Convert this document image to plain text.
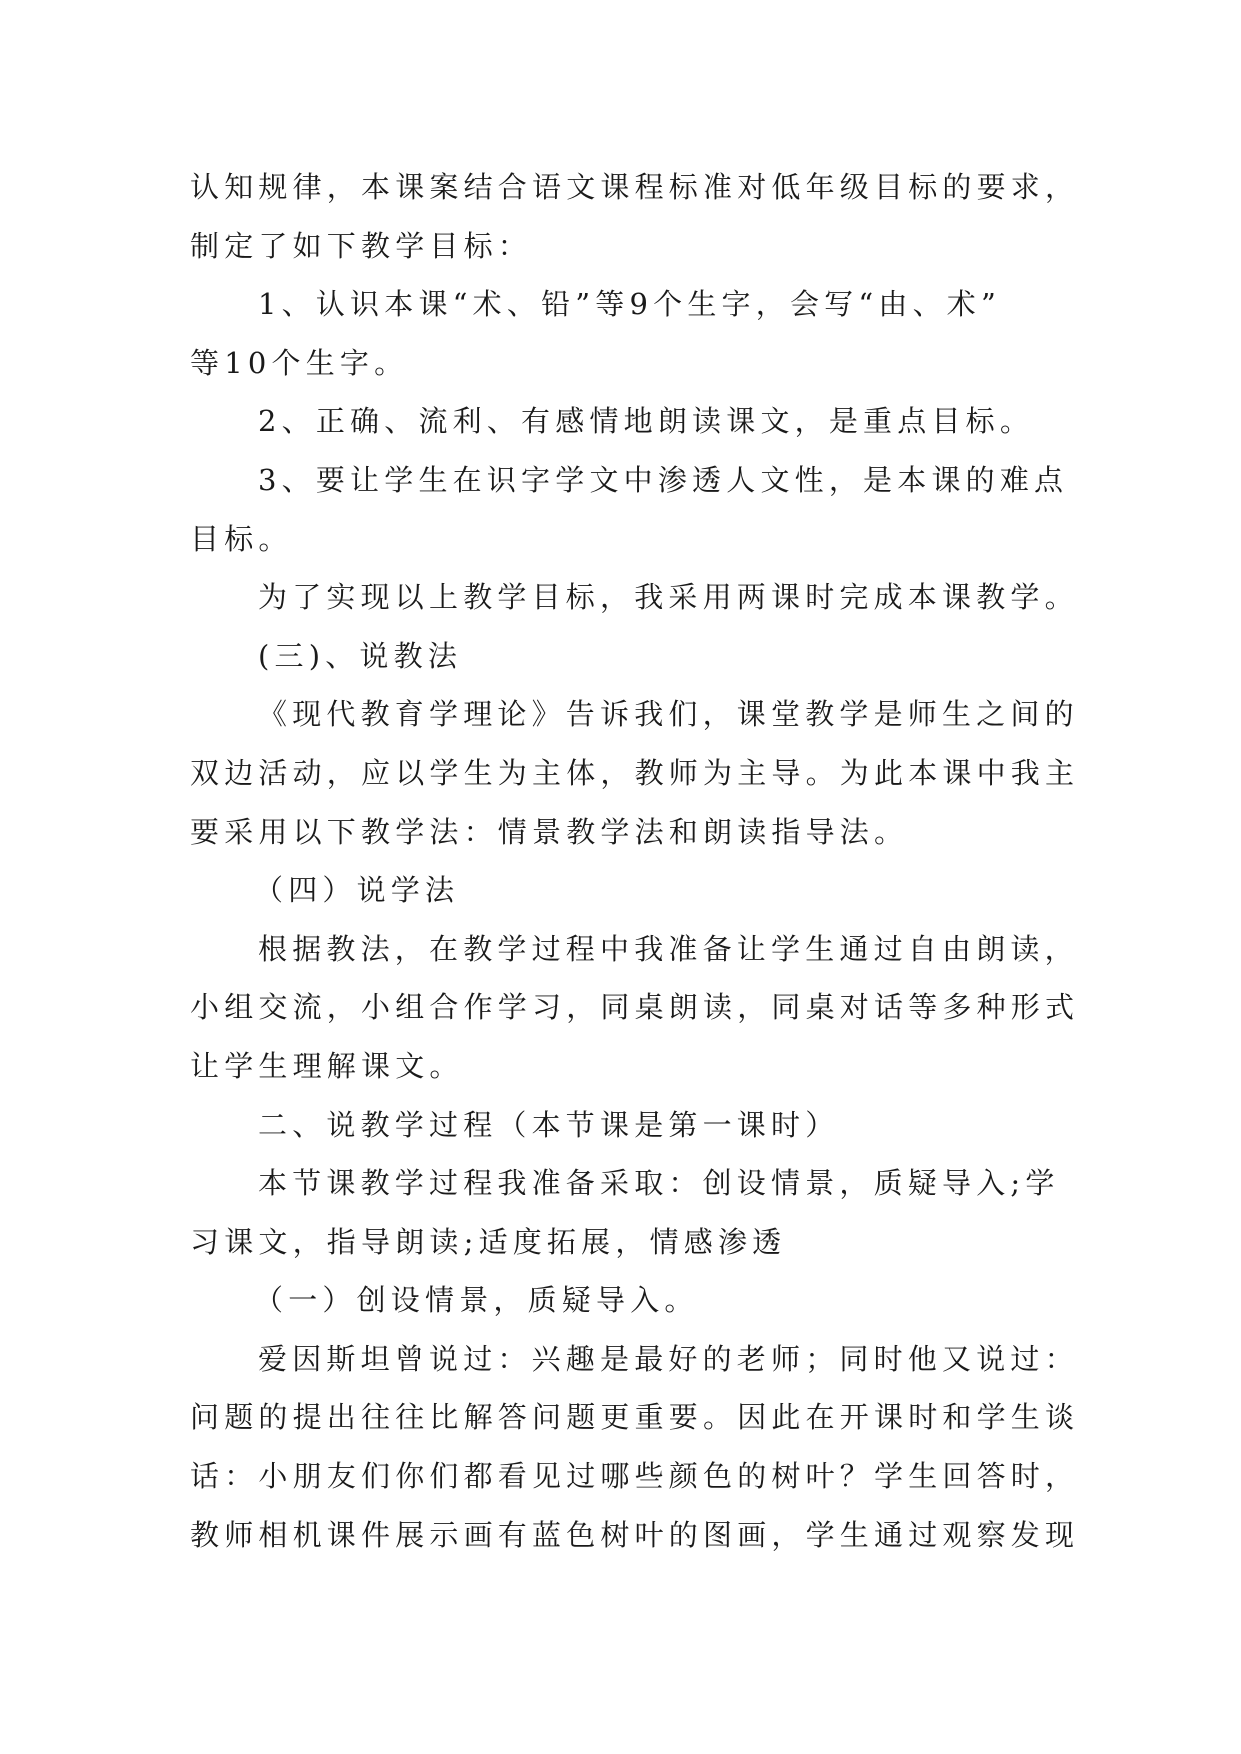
认知规律，本课案结合语文课程标准对低年级目标的要求，
制定了如下教学目标：
1、认识本课“术、铅”等9个生字，会写“由、术”
等10个生字。
2、正确、流利、有感情地朗读课文，是重点目标。
3、要让学生在识字学文中渗透人文性，是本课的难点
目标。
为了实现以上教学目标，我采用两课时完成本课教学。
(三)、说教法
《现代教育学理论》告诉我们，课堂教学是师生之间的
双边活动，应以学生为主体，教师为主导。为此本课中我主
要采用以下教学法：情景教学法和朗读指导法。
（四）说学法
根据教法，在教学过程中我准备让学生通过自由朗读，
小组交流，小组合作学习，同桌朗读，同桌对话等多种形式
让学生理解课文。
二、说教学过程（本节课是第一课时）
本节课教学过程我准备采取：创设情景，质疑导入;学
习课文，指导朗读;适度拓展，情感渗透
（一）创设情景，质疑导入。
爱因斯坦曾说过：兴趣是最好的老师；同时他又说过：
问题的提出往往比解答问题更重要。因此在开课时和学生谈
话：小朋友们你们都看见过哪些颜色的树叶？学生回答时，
教师相机课件展示画有蓝色树叶的图画，学生通过观察发现
